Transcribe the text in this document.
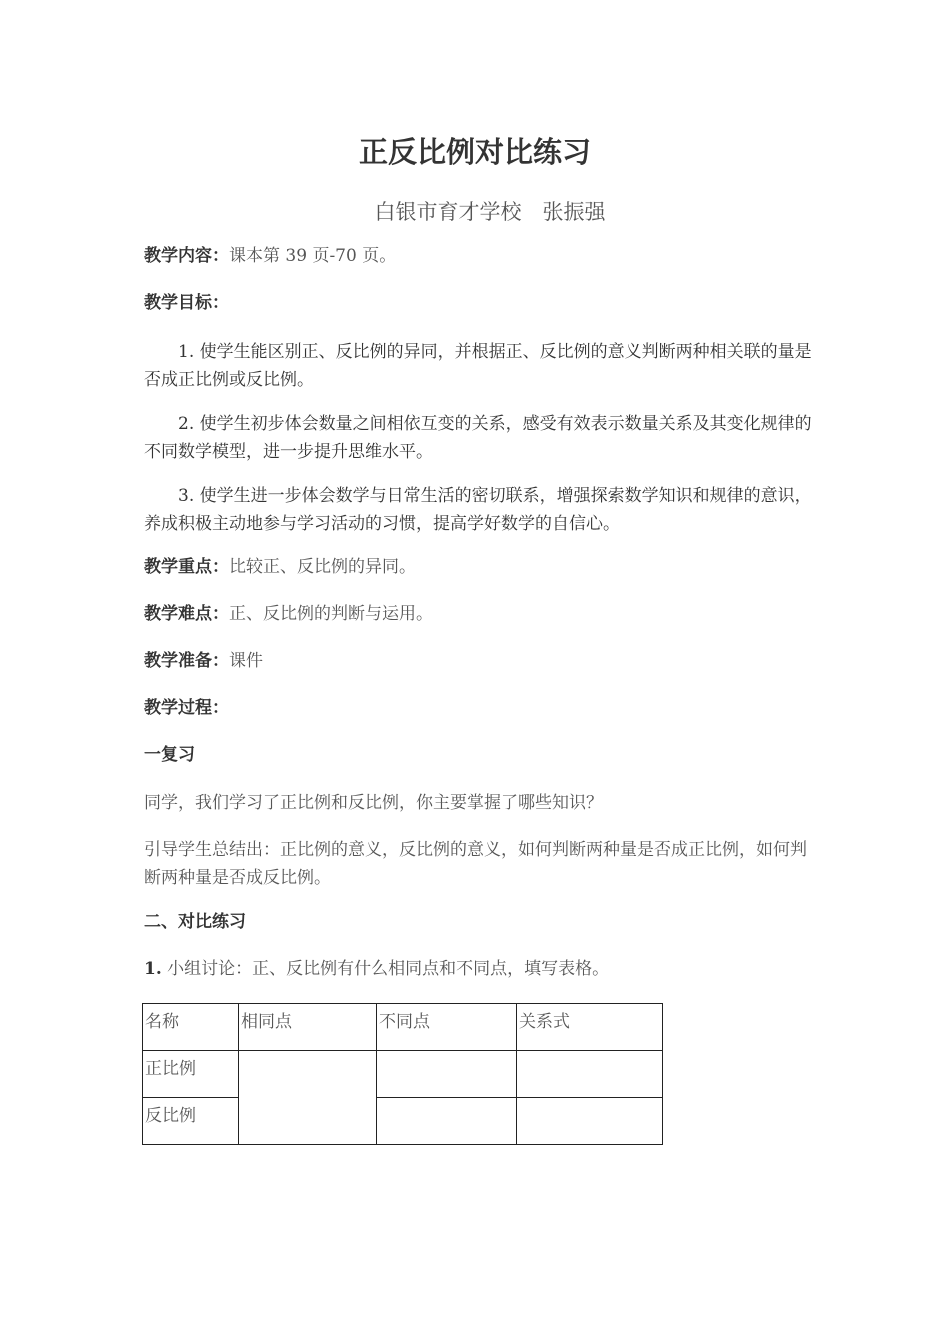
正反比例对比练习
白银市育才学校　张振强
教学内容：课本第 39 页-70 页。
教学目标：
1. 使学生能区别正、反比例的异同，并根据正、反比例的意义判断两种相关联的量是否成正比例或反比例。
2. 使学生初步体会数量之间相依互变的关系，感受有效表示数量关系及其变化规律的不同数学模型，进一步提升思维水平。
3. 使学生进一步体会数学与日常生活的密切联系，增强探索数学知识和规律的意识，养成积极主动地参与学习活动的习惯，提高学好数学的自信心。
教学重点：比较正、反比例的异同。
教学难点：正、反比例的判断与运用。
教学准备：课件
教学过程：
一复习
同学，我们学习了正比例和反比例，你主要掌握了哪些知识？
引导学生总结出：正比例的意义，反比例的意义，如何判断两种量是否成正比例，如何判断两种量是否成反比例。
二、对比练习
1. 小组讨论：正、反比例有什么相同点和不同点，填写表格。
名称	相同点	不同点	关系式
正比例			
反比例			
